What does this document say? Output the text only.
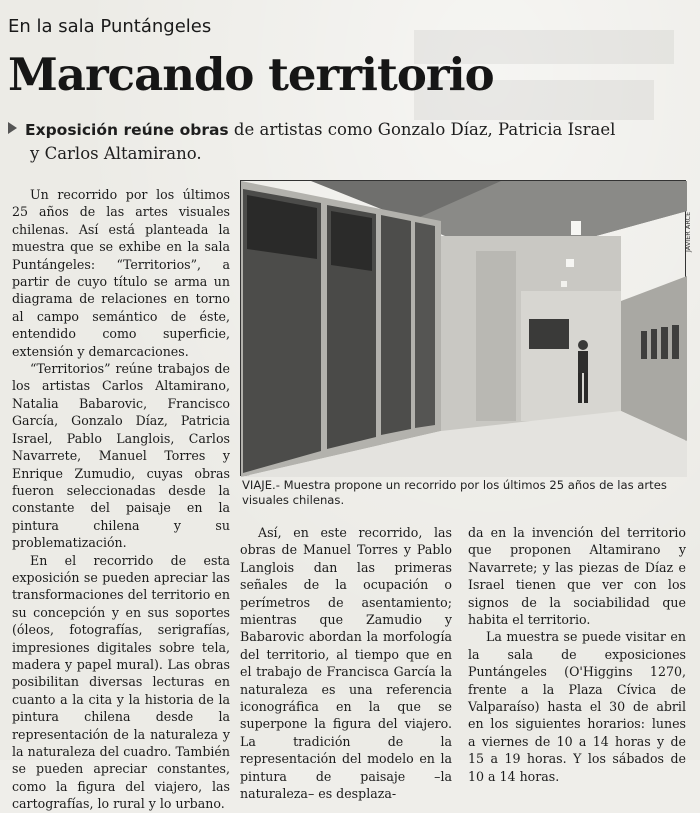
En la sala Puntángeles
Marcando territorio
Exposición reúne obras de artistas como Gonzalo Díaz, Patricia Israel
y Carlos Altamirano.

Un recorrido por los últimos 25 años de las artes visuales chilenas. Así está planteada la muestra que se exhibe en la sala Puntángeles: “Territorios”, a partir de cuyo título se arma un diagrama de relaciones en torno al campo semántico de éste, entendido como superficie, extensión y demarcaciones.

“Territorios” reúne trabajos de los artistas Carlos Altamirano, Natalia Babarovic, Francisco García, Gonzalo Díaz, Patricia Israel, Pablo Langlois, Carlos Navarrete, Manuel Torres y Enrique Zumudio, cuyas obras fueron seleccionadas desde la constante del paisaje en la pintura chilena y su problematización.

En el recorrido de esta exposición se pueden apreciar las transformaciones del territorio en su concepción y en sus soportes (óleos, fotografías, serigrafías, impresiones digitales sobre tela, madera y papel mural). Las obras posibilitan diversas lecturas en cuanto a la cita y la historia de la pintura chilena desde la representación de la naturaleza y la naturaleza del cuadro. También se pueden apreciar constantes, como la figura del viajero, las cartografías, lo rural y lo urbano.

JAVIER ARCE
VIAJE.- Muestra propone un recorrido por los últimos 25 años de las artes visuales chilenas.

Así, en este recorrido, las obras de Manuel Torres y Pablo Langlois dan las primeras señales de la ocupación o perímetros de asentamiento; mientras que Zamudio y Babarovic abordan la morfología del territorio, al tiempo que en el trabajo de Francisca García la naturaleza es una referencia iconográfica en la que se superpone la figura del viajero. La tradición de la representación del modelo en la pintura de paisaje –la naturaleza– es desplaza-

da en la invención del territorio que proponen Altamirano y Navarrete; y las piezas de Díaz e Israel tienen que ver con los signos de la sociabilidad que habita el territorio.

La muestra se puede visitar en la sala de exposiciones Puntángeles (O'Higgins 1270, frente a la Plaza Cívica de Valparaíso) hasta el 30 de abril en los siguientes horarios: lunes a viernes de 10 a 14 horas y de 15 a 19 horas. Y los sábados de 10 a 14 horas.
